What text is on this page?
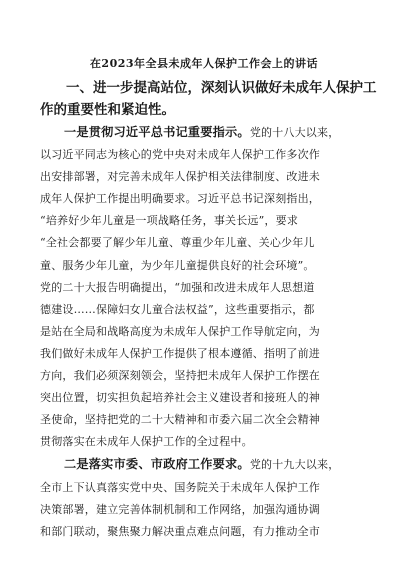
在2023年全县未成年人保护工作会上的讲话
一、进一步提高站位，深刻认识做好未成年人保护工
作的重要性和紧迫性。
一是贯彻习近平总书记重要指示。党的十八大以来，
以习近平同志为核心的党中央对未成年人保护工作多次作
出安排部署，对完善未成年人保护相关法律制度、改进未
成年人保护工作提出明确要求。习近平总书记深刻指出，
“培养好少年儿童是一项战略任务，事关长远”，要求
“全社会都要了解少年儿童、尊重少年儿童、关心少年儿
童、服务少年儿童，为少年儿童提供良好的社会环境”。
党的二十大报告明确提出，“加强和改进未成年人思想道
德建设……保障妇女儿童合法权益”，这些重要指示，都
是站在全局和战略高度为未成年人保护工作导航定向，为
我们做好未成年人保护工作提供了根本遵循、指明了前进
方向，我们必须深刻领会，坚持把未成年人保护工作摆在
突出位置，切实担负起培养社会主义建设者和接班人的神
圣使命，坚持把党的二十大精神和市委六届二次全会精神
贯彻落实在未成年人保护工作的全过程中。
二是落实市委、市政府工作要求。党的十九大以来，
全市上下认真落实党中央、国务院关于未成年人保护工作
决策部署，建立完善体制机制和工作网络，加强沟通协调
和部门联动，聚焦聚力解决重点难点问题，有力推动全市
